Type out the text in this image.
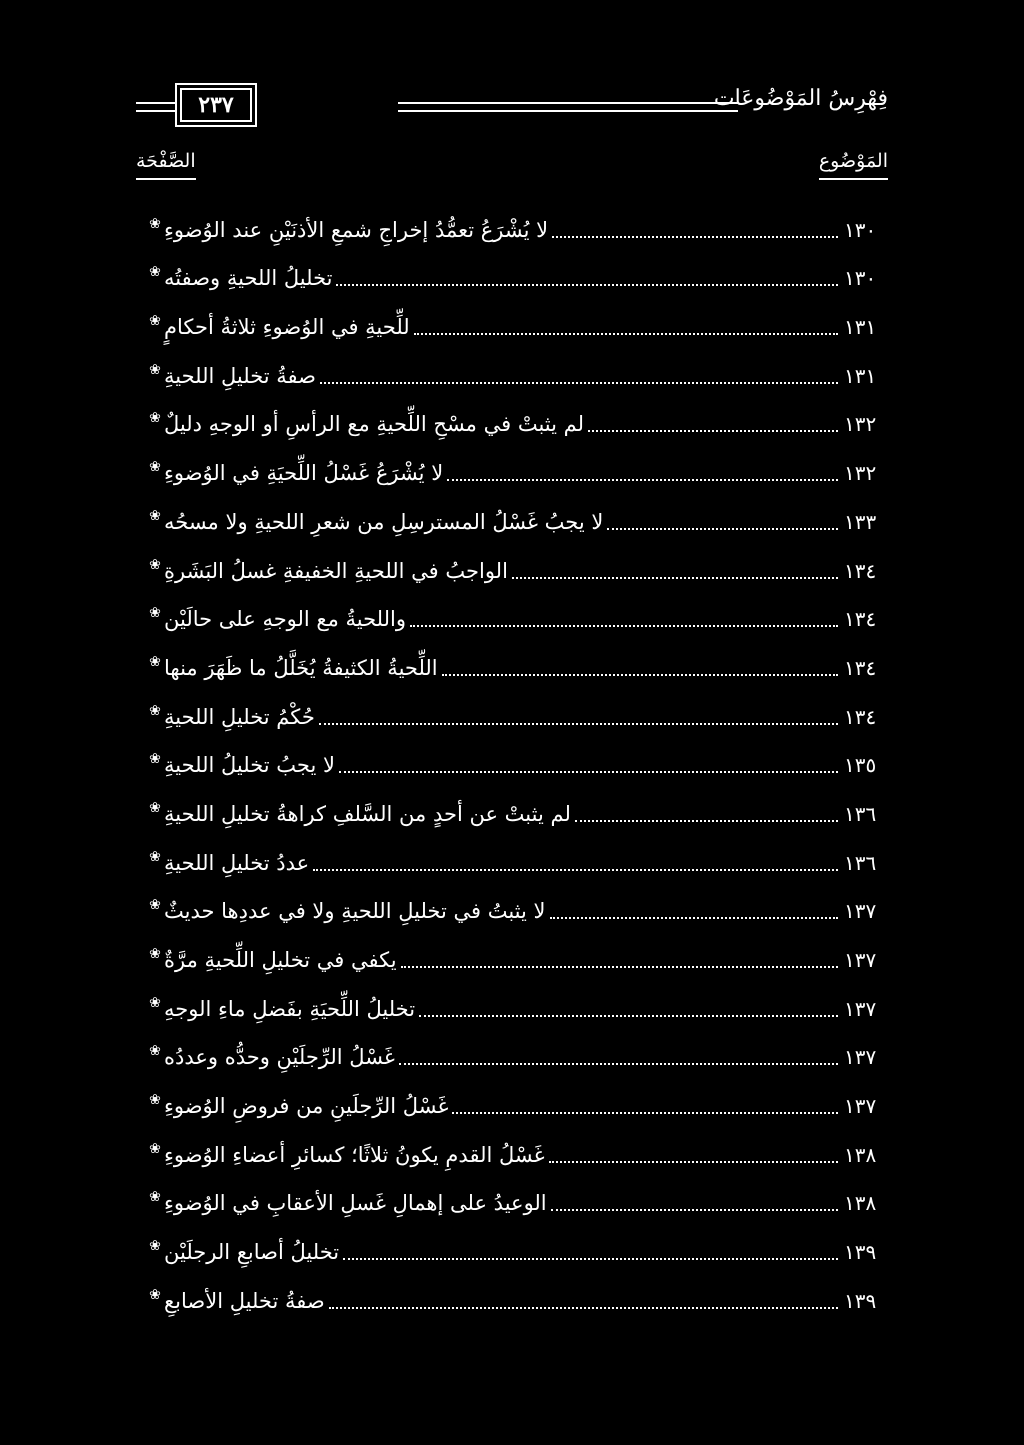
٢٣٧	فِهْرِسُ المَوْضُوعَات
المَوْضُوع
الصَّفْحَة
❀ لا يُشْرَعُ تعمُّدُ إخراجِ شمعِ الأذنَيْنِ عند الوُضوءِ	١٣٠
❀ تخليلُ اللحيةِ وصفتُه	١٣٠
❀ للِّحيةِ في الوُضوءِ ثلاثةُ أحكامٍ	١٣١
❀ صفةُ تخليلِ اللحيةِ	١٣١
❀ لم يثبتْ في مسْحِ اللِّحيةِ مع الرأسِ أو الوجهِ دليلٌ	١٣٢
❀ لا يُشْرَعُ غَسْلُ اللِّحيَةِ في الوُضوءِ	١٣٢
❀ لا يجبُ غَسْلُ المسترسِلِ من شعرِ اللحيةِ ولا مسحُه	١٣٣
❀ الواجبُ في اللحيةِ الخفيفةِ غسلُ البَشَرةِ	١٣٤
❀ واللحيةُ مع الوجهِ على حالَيْن	١٣٤
❀ اللِّحيةُ الكثيفةُ يُخَلَّلُ ما ظَهَرَ منها	١٣٤
❀ حُكْمُ تخليلِ اللحيةِ	١٣٤
❀ لا يجبُ تخليلُ اللحيةِ	١٣٥
❀ لم يثبتْ عن أحدٍ من السَّلفِ كراهةُ تخليلِ اللحيةِ	١٣٦
❀ عددُ تخليلِ اللحيةِ	١٣٦
❀ لا يثبتُ في تخليلِ اللحيةِ ولا في عددِها حديثٌ	١٣٧
❀ يكفي في تخليلِ اللِّحيةِ مرَّةٌ	١٣٧
❀ تخليلُ اللِّحيَةِ بفَضلِ ماءِ الوجهِ	١٣٧
❀ غَسْلُ الرِّجلَيْنِ وحدُّه وعددُه	١٣٧
❀ غَسْلُ الرِّجلَينِ من فروضِ الوُضوءِ	١٣٧
❀ غَسْلُ القدمِ يكونُ ثلاثًا؛ كسائرِ أعضاءِ الوُضوءِ	١٣٨
❀ الوعيدُ على إهمالِ غَسلِ الأعقابِ في الوُضوءِ	١٣٨
❀ تخليلُ أصابعِ الرجلَيْن	١٣٩
❀ صفةُ تخليلِ الأصابعِ	١٣٩
